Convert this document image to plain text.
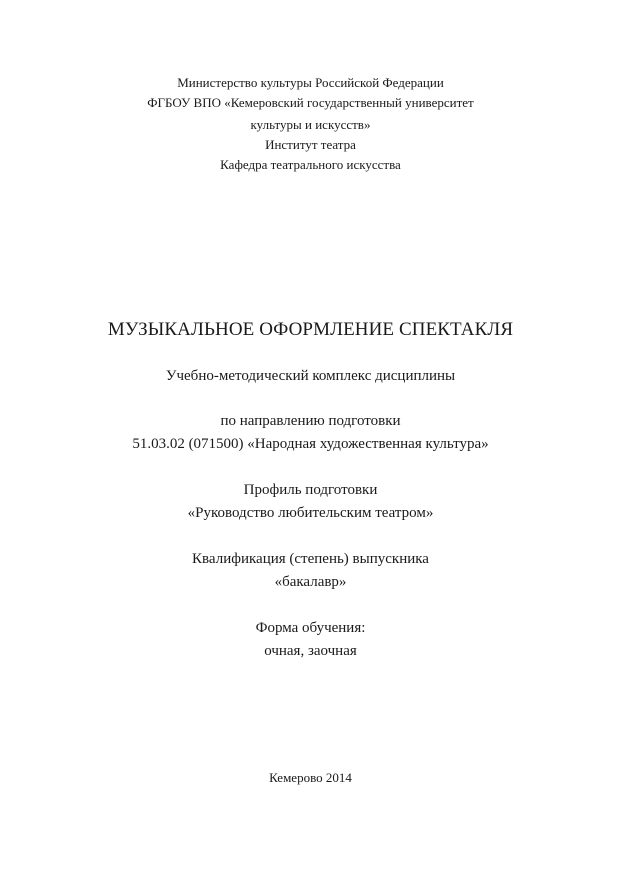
Министерство культуры Российской Федерации
ФГБОУ ВПО «Кемеровский государственный университет
культуры и искусств»
Институт театра
Кафедра театрального искусства
МУЗЫКАЛЬНОЕ ОФОРМЛЕНИЕ СПЕКТАКЛЯ
Учебно-методический комплекс дисциплины
по направлению подготовки
51.03.02 (071500) «Народная художественная культура»
Профиль подготовки
«Руководство любительским театром»
Квалификация (степень) выпускника
«бакалавр»
Форма обучения:
очная, заочная
Кемерово 2014
